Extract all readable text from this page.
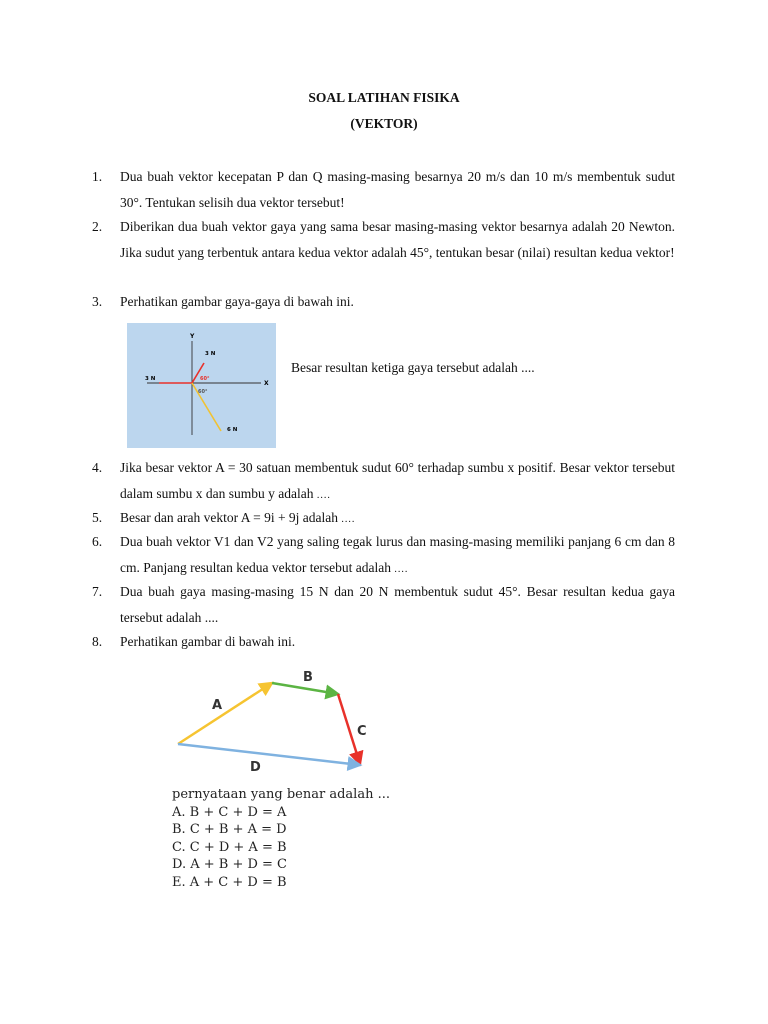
SOAL LATIHAN FISIKA
(VEKTOR)
1.	Dua buah vektor kecepatan P dan Q masing-masing besarnya 20 m/s dan 10 m/s membentuk sudut 30°. Tentukan selisih dua vektor tersebut!
2.	Diberikan dua buah vektor gaya yang sama besar masing-masing vektor besarnya adalah 20 Newton. Jika sudut yang terbentuk antara kedua vektor adalah 45°, tentukan besar (nilai) resultan kedua vektor!
3.	Perhatikan gambar gaya-gaya di bawah ini.
Y
X
3 N
3 N
6 N
60°
60°
Besar resultan ketiga gaya tersebut adalah ....
4.	Jika besar vektor A = 30 satuan membentuk sudut 60° terhadap sumbu x positif. Besar vektor tersebut dalam sumbu x dan sumbu y adalah ....
5.	Besar dan arah vektor A = 9i + 9j adalah ....
6.	Dua buah vektor V1 dan V2 yang saling tegak lurus dan masing-masing memiliki panjang 6 cm dan 8 cm. Panjang resultan kedua vektor tersebut adalah ....
7.	Dua buah gaya masing-masing 15 N dan 20 N membentuk sudut 45°. Besar resultan kedua gaya tersebut adalah ....
8.	Perhatikan gambar di bawah ini.
A
B
C
D
pernyataan yang benar adalah ...
A. B + C + D = A
B. C + B + A = D
C. C + D + A = B
D. A + B + D = C
E. A + C + D = B
